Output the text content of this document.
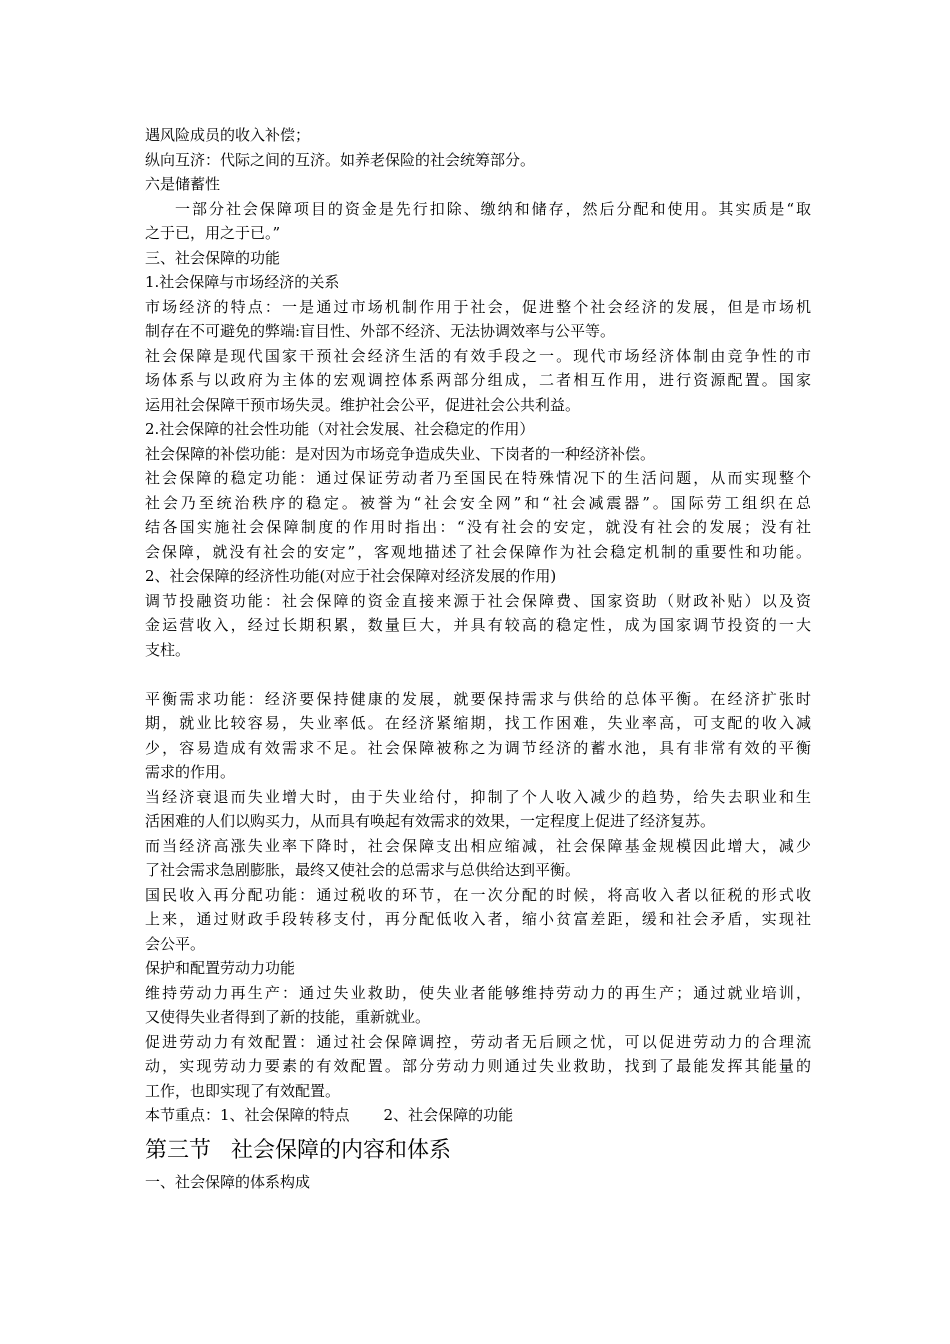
遇风险成员的收入补偿；
纵向互济：代际之间的互济。如养老保险的社会统筹部分。
六是储蓄性
一部分社会保障项目的资金是先行扣除、缴纳和储存，然后分配和使用。其实质是“取
之于已，用之于已。”
三、社会保障的功能
1.社会保障与市场经济的关系
市场经济的特点：一是通过市场机制作用于社会，促进整个社会经济的发展，但是市场机
制存在不可避免的弊端:盲目性、外部不经济、无法协调效率与公平等。
社会保障是现代国家干预社会经济生活的有效手段之一。现代市场经济体制由竞争性的市
场体系与以政府为主体的宏观调控体系两部分组成，二者相互作用，进行资源配置。国家
运用社会保障干预市场失灵。维护社会公平，促进社会公共利益。
2.社会保障的社会性功能（对社会发展、社会稳定的作用）
社会保障的补偿功能：是对因为市场竞争造成失业、下岗者的一种经济补偿。
社会保障的稳定功能：通过保证劳动者乃至国民在特殊情况下的生活问题，从而实现整个
社会乃至统治秩序的稳定。被誉为“社会安全网”和“社会减震器”。国际劳工组织在总
结各国实施社会保障制度的作用时指出：“没有社会的安定，就没有社会的发展；没有社
会保障，就没有社会的安定”，客观地描述了社会保障作为社会稳定机制的重要性和功能。
2、社会保障的经济性功能(对应于社会保障对经济发展的作用)
调节投融资功能：社会保障的资金直接来源于社会保障费、国家资助（财政补贴）以及资
金运营收入，经过长期积累，数量巨大，并具有较高的稳定性，成为国家调节投资的一大
支柱。
平衡需求功能：经济要保持健康的发展，就要保持需求与供给的总体平衡。在经济扩张时
期，就业比较容易，失业率低。在经济紧缩期，找工作困难，失业率高，可支配的收入减
少，容易造成有效需求不足。社会保障被称之为调节经济的蓄水池，具有非常有效的平衡
需求的作用。
当经济衰退而失业增大时，由于失业给付，抑制了个人收入减少的趋势，给失去职业和生
活困难的人们以购买力，从而具有唤起有效需求的效果，一定程度上促进了经济复苏。
而当经济高涨失业率下降时，社会保障支出相应缩减，社会保障基金规模因此增大，减少
了社会需求急剧膨胀，最终又使社会的总需求与总供给达到平衡。
国民收入再分配功能：通过税收的环节，在一次分配的时候，将高收入者以征税的形式收
上来，通过财政手段转移支付，再分配低收入者，缩小贫富差距，缓和社会矛盾，实现社
会公平。
保护和配置劳动力功能
维持劳动力再生产：通过失业救助，使失业者能够维持劳动力的再生产；通过就业培训，
又使得失业者得到了新的技能，重新就业。
促进劳动力有效配置：通过社会保障调控，劳动者无后顾之忧，可以促进劳动力的合理流
动，实现劳动力要素的有效配置。部分劳动力则通过失业救助，找到了最能发挥其能量的
工作，也即实现了有效配置。
本节重点：1、社会保障的特点 2、社会保障的功能
第三节 社会保障的内容和体系
一、社会保障的体系构成
